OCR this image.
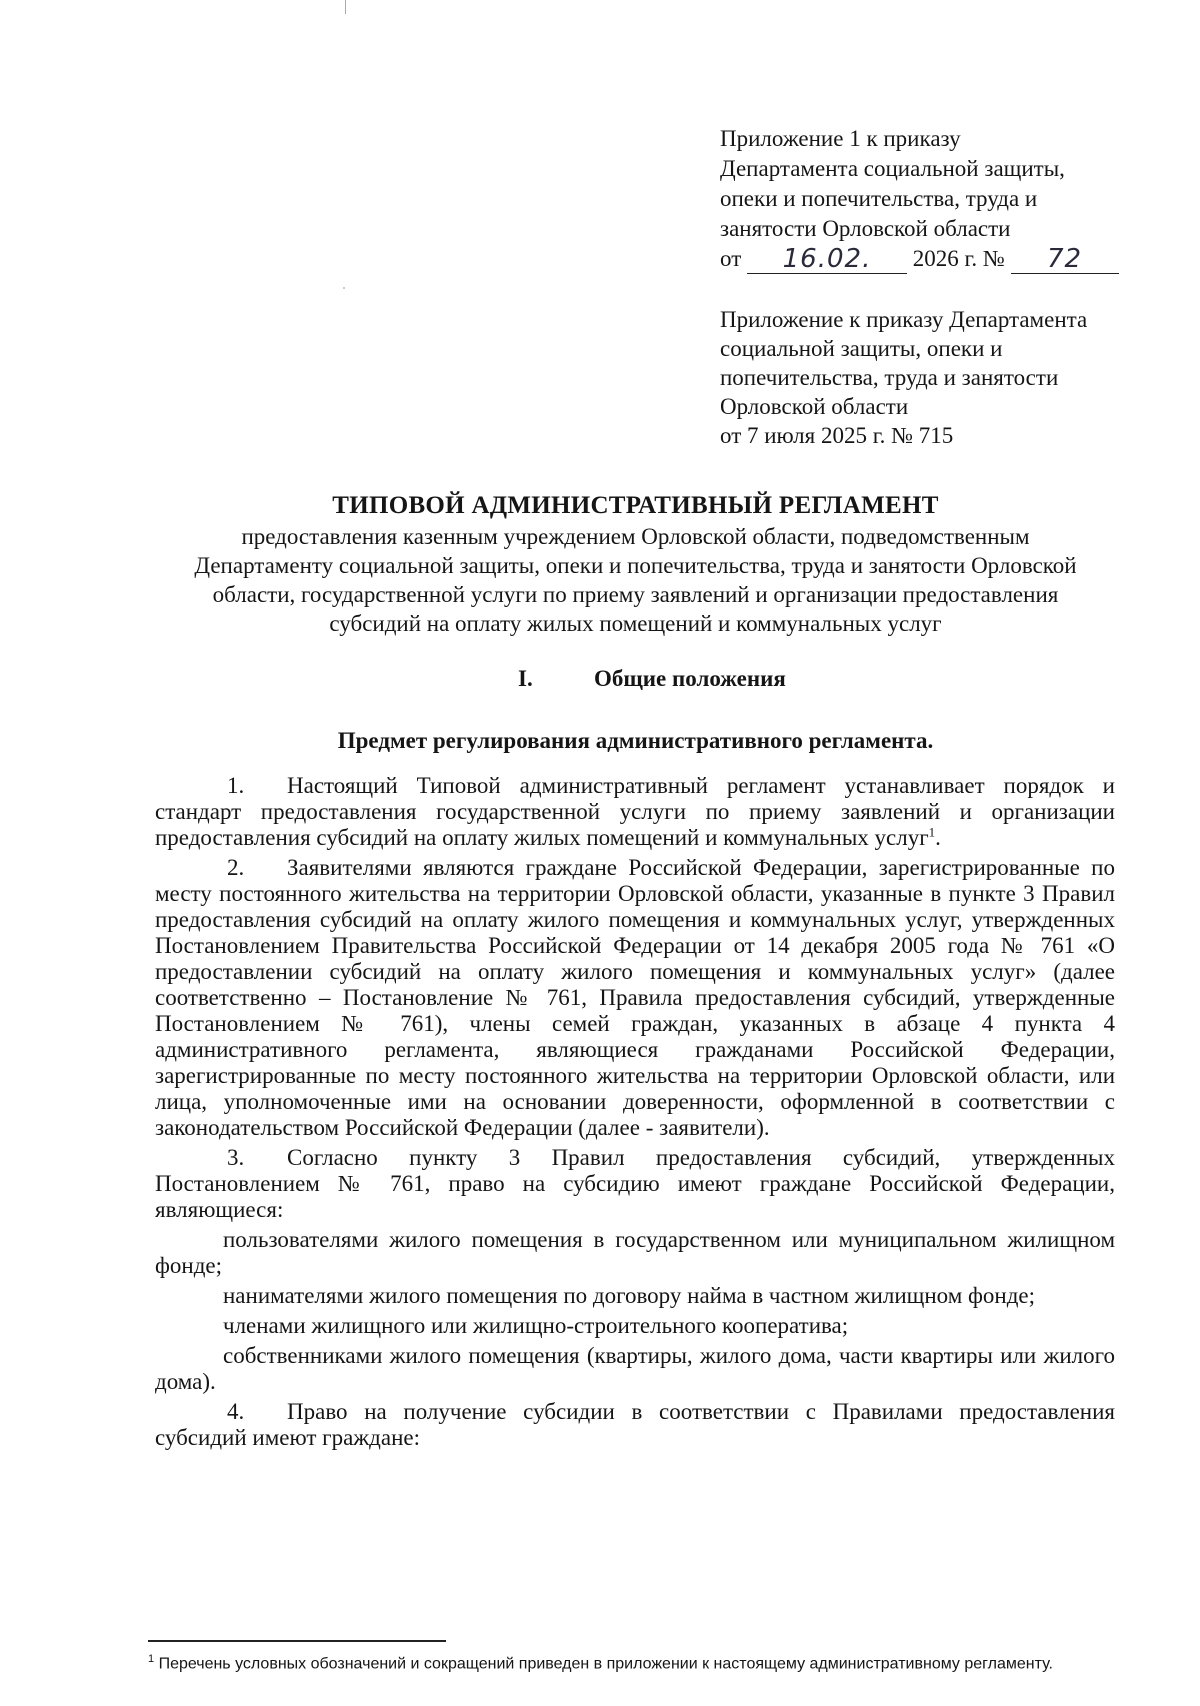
Приложение 1 к приказу
Департамента социальной защиты,
опеки и попечительства, труда и
занятости Орловской области
от 16.02. 2026 г. № 72
Приложение к приказу Департамента
социальной защиты, опеки и
попечительства, труда и занятости
Орловской области
от 7 июля 2025 г. № 715
ТИПОВОЙ АДМИНИСТРАТИВНЫЙ РЕГЛАМЕНТ
предоставления казенным учреждением Орловской области, подведомственным
Департаменту социальной защиты, опеки и попечительства, труда и занятости Орловской
области, государственной услуги по приему заявлений и организации предоставления
субсидий на оплату жилых помещений и коммунальных услуг
I.	Общие положения
Предмет регулирования административного регламента.

1. Настоящий Типовой административный регламент устанавливает порядок и стандарт предоставления государственной услуги по приему заявлений и организации предоставления субсидий на оплату жилых помещений и коммунальных услуг$^1$.

2. Заявителями являются граждане Российской Федерации, зарегистрированные по месту постоянного жительства на территории Орловской области, указанные в пункте 3 Правил предоставления субсидий на оплату жилого помещения и коммунальных услуг, утвержденных Постановлением Правительства Российской Федерации от 14 декабря 2005 года № 761 «О предоставлении субсидий на оплату жилого помещения и коммунальных услуг» (далее соответственно – Постановление № 761, Правила предоставления субсидий, утвержденные Постановлением № 761), члены семей граждан, указанных в абзаце 4 пункта 4 административного регламента, являющиеся гражданами Российской Федерации, зарегистрированные по месту постоянного жительства на территории Орловской области, или лица, уполномоченные ими на основании доверенности, оформленной в соответствии с законодательством Российской Федерации (далее - заявители).

3. Согласно пункту 3 Правил предоставления субсидий, утвержденных Постановлением № 761, право на субсидию имеют граждане Российской Федерации, являющиеся:

пользователями жилого помещения в государственном или муниципальном жилищном фонде;

нанимателями жилого помещения по договору найма в частном жилищном фонде;

членами жилищного или жилищно-строительного кооператива;

собственниками жилого помещения (квартиры, жилого дома, части квартиры или жилого дома).

4. Право на получение субсидии в соответствии с Правилами предоставления субсидий имеют граждане:

$^1$ Перечень условных обозначений и сокращений приведен в приложении к настоящему административному регламенту.
